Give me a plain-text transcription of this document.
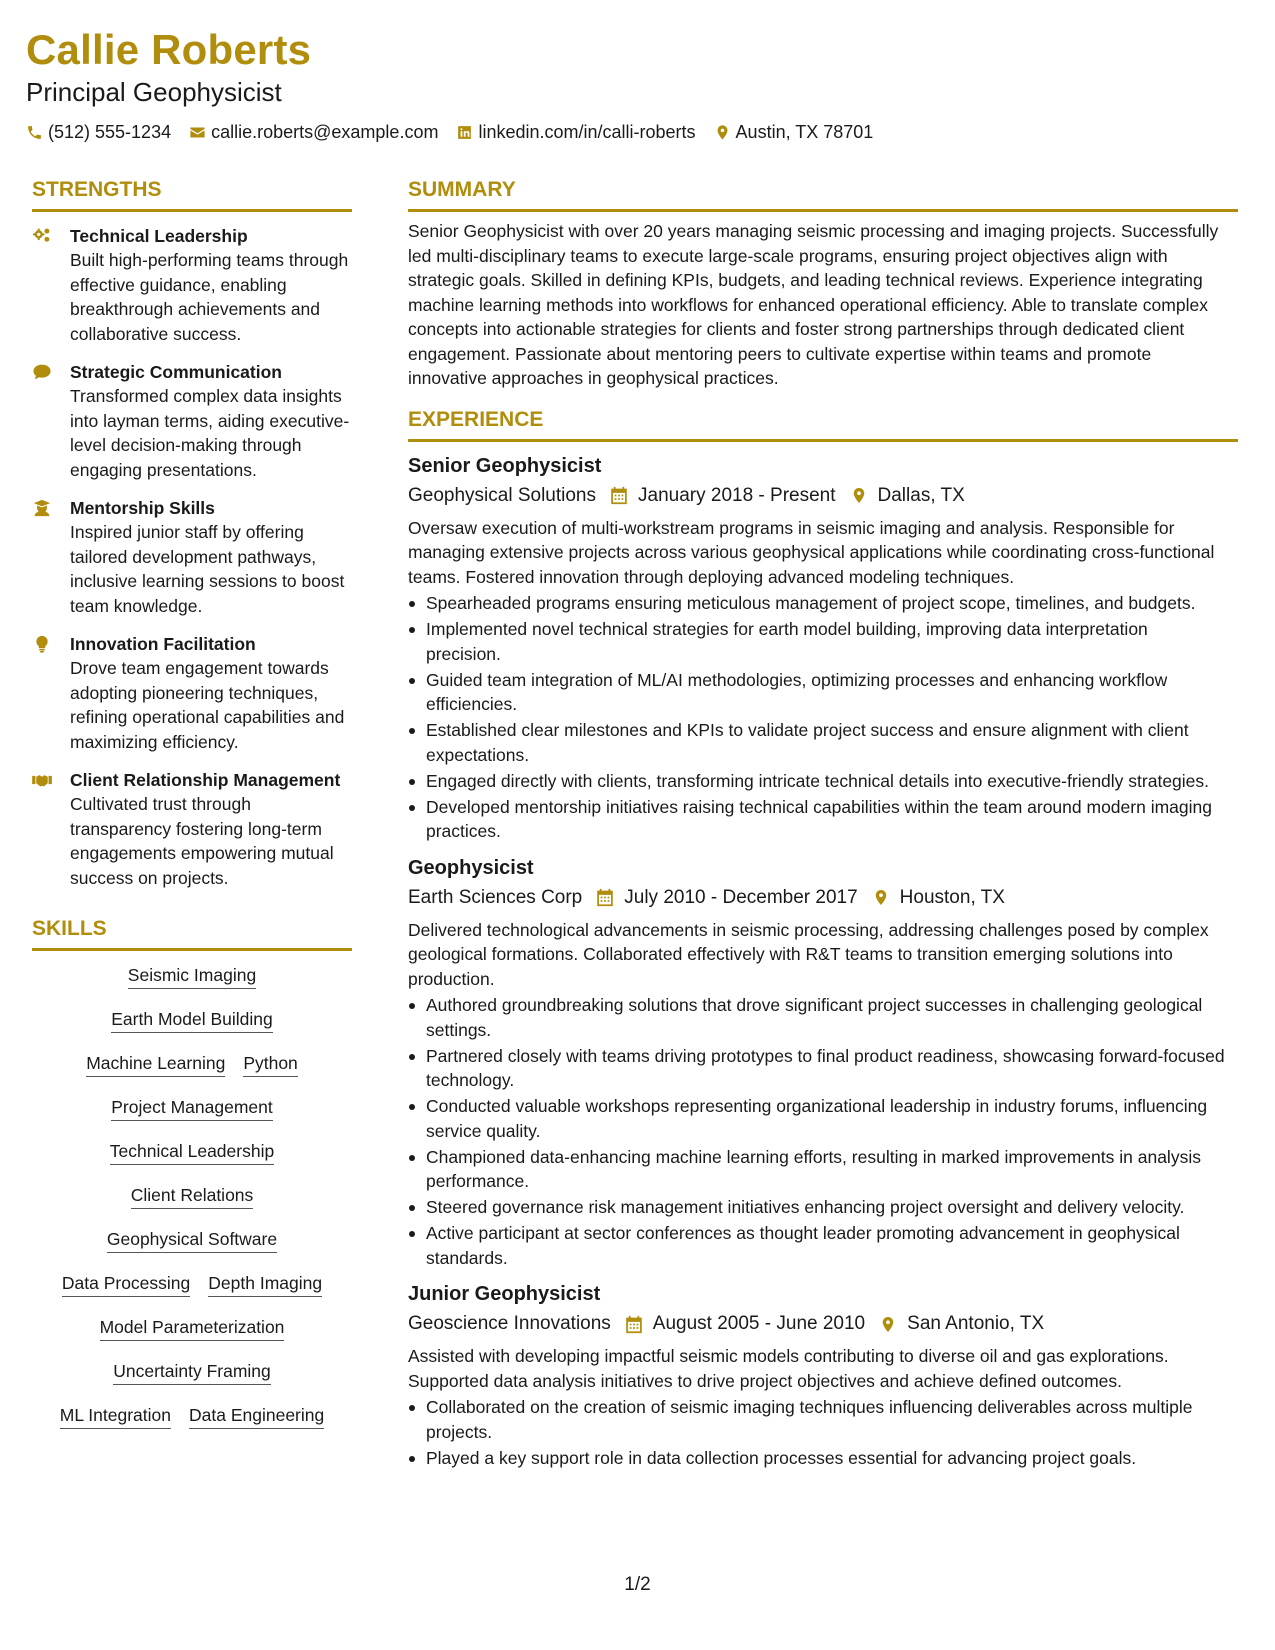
Callie Roberts
Principal Geophysicist
(512) 555-1234 callie.roberts@example.com linkedin.com/in/calli-roberts Austin, TX 78701
STRENGTHS
Technical Leadership
Built high-performing teams through effective guidance, enabling breakthrough achievements and collaborative success.
Strategic Communication
Transformed complex data insights into layman terms, aiding executive-level decision-making through engaging presentations.
Mentorship Skills
Inspired junior staff by offering tailored development pathways, inclusive learning sessions to boost team knowledge.
Innovation Facilitation
Drove team engagement towards adopting pioneering techniques, refining operational capabilities and maximizing efficiency.
Client Relationship Management
Cultivated trust through transparency fostering long-term engagements empowering mutual success on projects.
SKILLS
Seismic Imaging
Earth Model Building
Machine Learning Python
Project Management
Technical Leadership
Client Relations
Geophysical Software
Data Processing Depth Imaging
Model Parameterization
Uncertainty Framing
ML Integration Data Engineering
SUMMARY
Senior Geophysicist with over 20 years managing seismic processing and imaging projects. Successfully led multi-disciplinary teams to execute large-scale programs, ensuring project objectives align with strategic goals. Skilled in defining KPIs, budgets, and leading technical reviews. Experience integrating machine learning methods into workflows for enhanced operational efficiency. Able to translate complex concepts into actionable strategies for clients and foster strong partnerships through dedicated client engagement. Passionate about mentoring peers to cultivate expertise within teams and promote innovative approaches in geophysical practices.
EXPERIENCE
Senior Geophysicist
Geophysical Solutions January 2018 - Present Dallas, TX
Oversaw execution of multi-workstream programs in seismic imaging and analysis. Responsible for managing extensive projects across various geophysical applications while coordinating cross-functional teams. Fostered innovation through deploying advanced modeling techniques.
Spearheaded programs ensuring meticulous management of project scope, timelines, and budgets.
Implemented novel technical strategies for earth model building, improving data interpretation precision.
Guided team integration of ML/AI methodologies, optimizing processes and enhancing workflow efficiencies.
Established clear milestones and KPIs to validate project success and ensure alignment with client expectations.
Engaged directly with clients, transforming intricate technical details into executive-friendly strategies.
Developed mentorship initiatives raising technical capabilities within the team around modern imaging practices.
Geophysicist
Earth Sciences Corp July 2010 - December 2017 Houston, TX
Delivered technological advancements in seismic processing, addressing challenges posed by complex geological formations. Collaborated effectively with R&T teams to transition emerging solutions into production.
Authored groundbreaking solutions that drove significant project successes in challenging geological settings.
Partnered closely with teams driving prototypes to final product readiness, showcasing forward-focused technology.
Conducted valuable workshops representing organizational leadership in industry forums, influencing service quality.
Championed data-enhancing machine learning efforts, resulting in marked improvements in analysis performance.
Steered governance risk management initiatives enhancing project oversight and delivery velocity.
Active participant at sector conferences as thought leader promoting advancement in geophysical standards.
Junior Geophysicist
Geoscience Innovations August 2005 - June 2010 San Antonio, TX
Assisted with developing impactful seismic models contributing to diverse oil and gas explorations. Supported data analysis initiatives to drive project objectives and achieve defined outcomes.
Collaborated on the creation of seismic imaging techniques influencing deliverables across multiple projects.
Played a key support role in data collection processes essential for advancing project goals.
1/2
